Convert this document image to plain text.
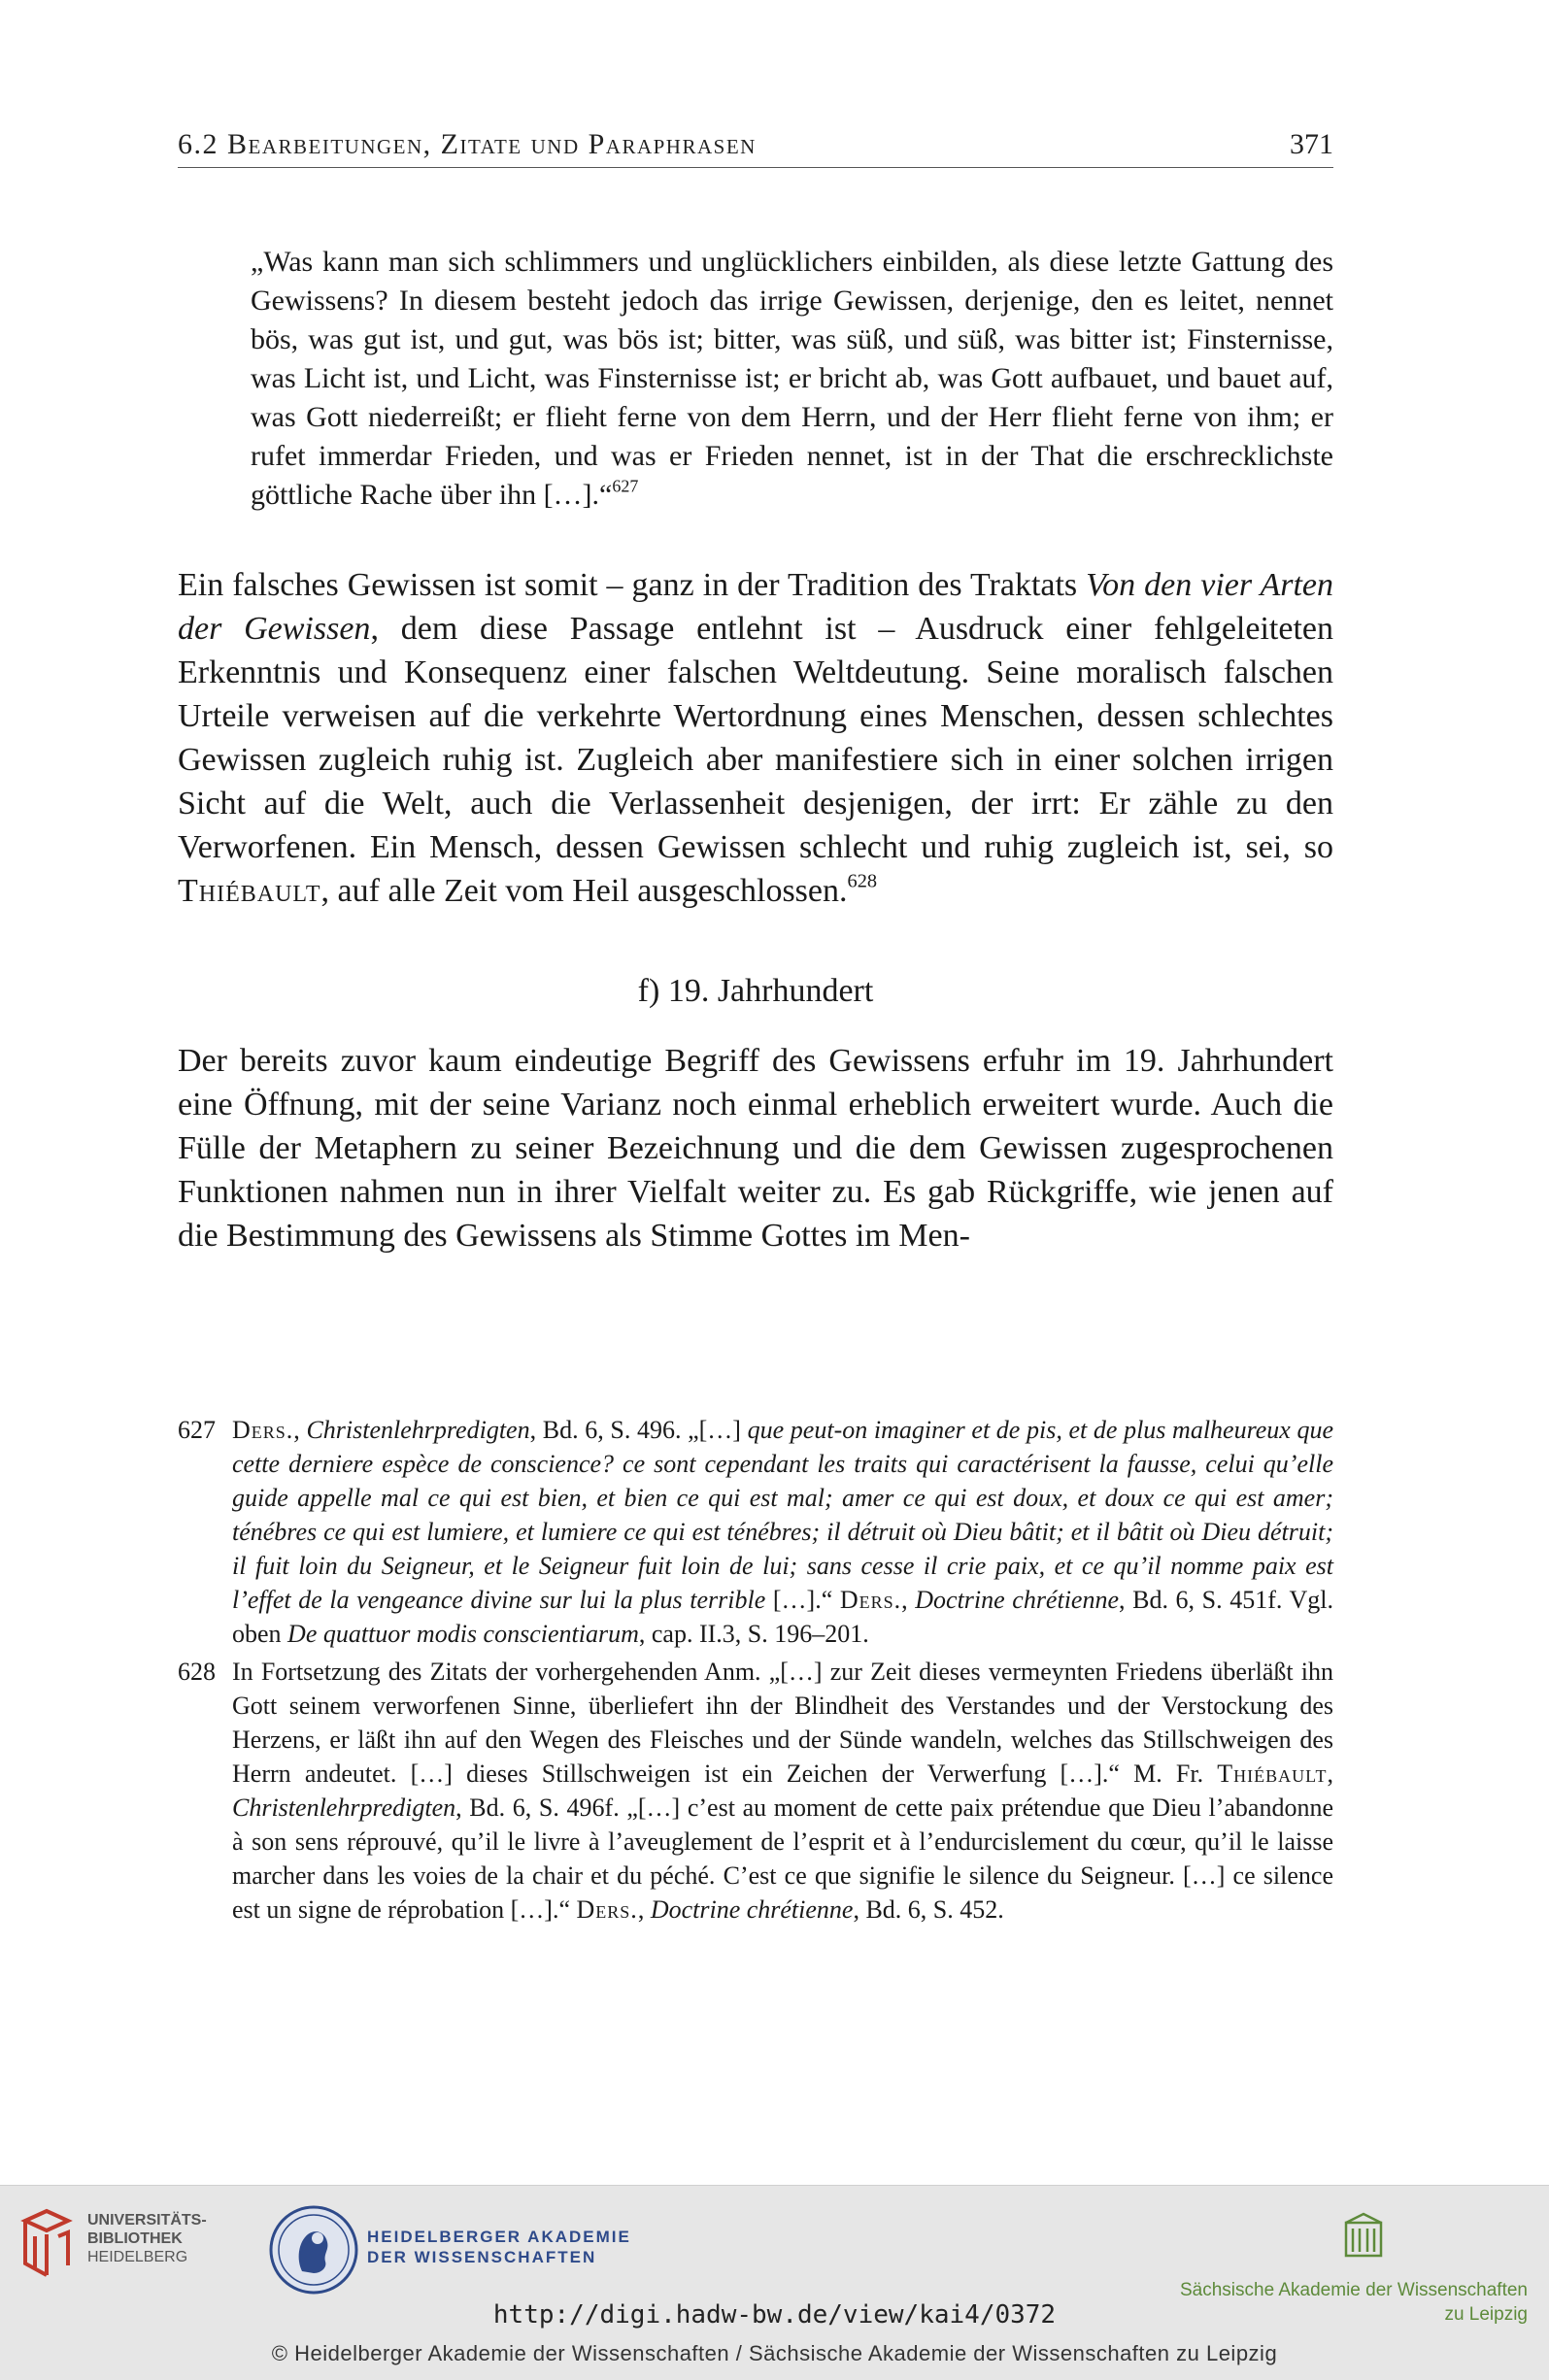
6.2 Bearbeitungen, Zitate und Paraphrasen	371
„Was kann man sich schlimmers und unglücklichers einbilden, als diese letzte Gattung des Gewissens? In diesem besteht jedoch das irrige Gewissen, derjenige, den es leitet, nennet bös, was gut ist, und gut, was bös ist; bitter, was süß, und süß, was bitter ist; Finsternisse, was Licht ist, und Licht, was Finsternisse ist; er bricht ab, was Gott aufbauet, und bauet auf, was Gott niederreißt; er flieht ferne von dem Herrn, und der Herr flieht ferne von ihm; er rufet immerdar Frieden, und was er Frieden nennet, ist in der That die erschrecklichste göttliche Rache über ihn […].“$^{627}$
Ein falsches Gewissen ist somit – ganz in der Tradition des Traktats Von den vier Arten der Gewissen, dem diese Passage entlehnt ist – Ausdruck einer fehlgeleiteten Erkenntnis und Konsequenz einer falschen Weltdeutung. Seine moralisch falschen Urteile verweisen auf die verkehrte Wertordnung eines Menschen, dessen schlechtes Gewissen zugleich ruhig ist. Zugleich aber manifestiere sich in einer solchen irrigen Sicht auf die Welt, auch die Verlassenheit desjenigen, der irrt: Er zähle zu den Verworfenen. Ein Mensch, dessen Gewissen schlecht und ruhig zugleich ist, sei, so Thiébault, auf alle Zeit vom Heil ausgeschlossen.$^{628}$
f) 19. Jahrhundert
Der bereits zuvor kaum eindeutige Begriff des Gewissens erfuhr im 19. Jahrhundert eine Öffnung, mit der seine Varianz noch einmal erheblich erweitert wurde. Auch die Fülle der Metaphern zu seiner Bezeichnung und die dem Gewissen zugesprochenen Funktionen nahmen nun in ihrer Vielfalt weiter zu. Es gab Rückgriffe, wie jenen auf die Bestimmung des Gewissens als Stimme Gottes im Men-
627 Ders., Christenlehrpredigten, Bd. 6, S. 496. „[…] que peut-on imaginer et de pis, et de plus malheureux que cette derniere espèce de conscience? ce sont cependant les traits qui caractérisent la fausse, celui qu’elle guide appelle mal ce qui est bien, et bien ce qui est mal; amer ce qui est doux, et doux ce qui est amer; ténébres ce qui est lumiere, et lumiere ce qui est ténébres; il détruit où Dieu bâtit; et il bâtit où Dieu détruit; il fuit loin du Seigneur, et le Seigneur fuit loin de lui; sans cesse il crie paix, et ce qu’il nomme paix est l’effet de la vengeance divine sur lui la plus terrible […].“ Ders., Doctrine chrétienne, Bd. 6, S. 451f. Vgl. oben De quattuor modis conscientiarum, cap. II.3, S. 196–201.
628 In Fortsetzung des Zitats der vorhergehenden Anm. „[…] zur Zeit dieses vermeynten Friedens überläßt ihn Gott seinem verworfenen Sinne, überliefert ihn der Blindheit des Verstandes und der Verstockung des Herzens, er läßt ihn auf den Wegen des Fleisches und der Sünde wandeln, welches das Stillschweigen des Herrn andeutet. […] dieses Stillschweigen ist ein Zeichen der Verwerfung […].“ M. Fr. Thiébault, Christenlehrpredigten, Bd. 6, S. 496f. „[…] c’est au moment de cette paix prétendue que Dieu l’abandonne à son sens réprouvé, qu’il le livre à l’aveuglement de l’esprit et à l’endurcislement du cœur, qu’il le laisse marcher dans les voies de la chair et du péché. C’est ce que signifie le silence du Seigneur. […] ce silence est un signe de réprobation […].“ Ders., Doctrine chrétienne, Bd. 6, S. 452.
UNIVERSITÄTS-
BIBLIOTHEK
HEIDELBERG
HEIDELBERGER AKADEMIE
DER WISSENSCHAFTEN
Sächsische Akademie der Wissenschaften
zu Leipzig
http://digi.hadw-bw.de/view/kai4/0372
© Heidelberger Akademie der Wissenschaften / Sächsische Akademie der Wissenschaften zu Leipzig
